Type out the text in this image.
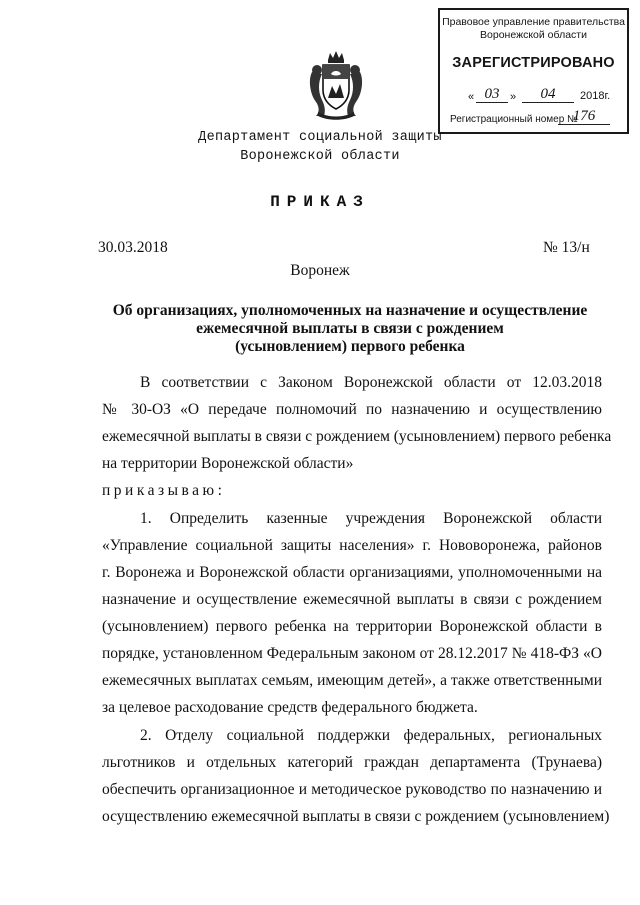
Правовое управление правительства
Воронежской области
ЗАРЕГИСТРИРОВАНО
« 03 »	04	2018г.
Регистрационный номер №
176
Департамент социальной защиты
Воронежской области
ПРИКАЗ
30.03.2018	№ 13/н
Воронеж
Об организациях, уполномоченных на назначение и осуществление
ежемесячной выплаты в связи с рождением
(усыновлением) первого ребенка
В соответствии с Законом Воронежской области от 12.03.2018
№ 30-ОЗ «О передаче полномочий по назначению и осуществлению
ежемесячной выплаты в связи с рождением (усыновлением) первого ребенка
на территории Воронежской области»
приказываю:
1. Определить казенные учреждения Воронежской области
«Управление социальной защиты населения» г. Нововоронежа, районов
г. Воронежа и Воронежской области организациями, уполномоченными на
назначение и осуществление ежемесячной выплаты в связи с рождением
(усыновлением) первого ребенка на территории Воронежской области в
порядке, установленном Федеральным законом от 28.12.2017 № 418-ФЗ «О
ежемесячных выплатах семьям, имеющим детей», а также ответственными
за целевое расходование средств федерального бюджета.
2. Отделу социальной поддержки федеральных, региональных
льготников и отдельных категорий граждан департамента (Трунаева)
обеспечить организационное и методическое руководство по назначению и
осуществлению ежемесячной выплаты в связи с рождением (усыновлением)
